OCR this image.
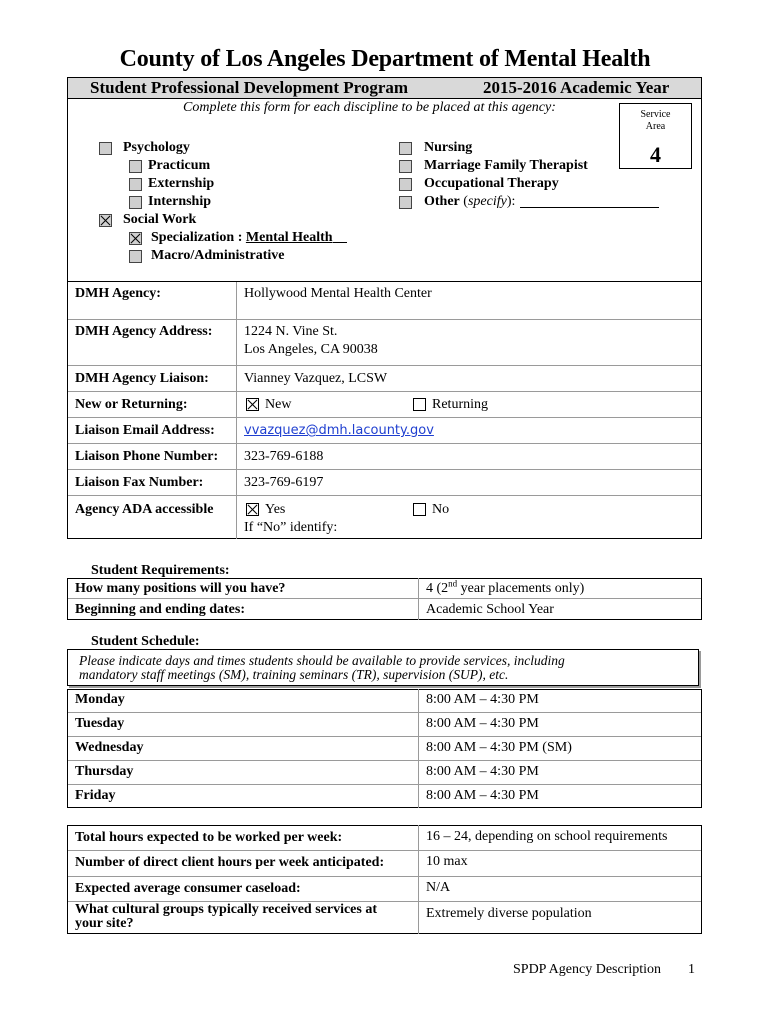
County of Los Angeles Department of Mental Health
Student Professional Development Program	2015-2016 Academic Year
Complete this form for each discipline to be placed at this agency:	Service
Area
4
Psychology
Practicum
Externship
Internship
Social Work
Specialization : Mental Health
Macro/Administrative
Nursing
Marriage Family Therapist
Occupational Therapy
Other (specify):
DMH Agency:	Hollywood Mental Health Center
DMH Agency Address: 1224 N. Vine St.
Los Angeles, CA 90038
DMH Agency Liaison:	Vianney Vazquez, LCSW
New or Returning:	New	Returning
Liaison Email Address: vvazquez@dmh.lacounty.gov
Liaison Phone Number: 323-769-6188
Liaison Fax Number:	323-769-6197
Agency ADA accessible	Yes	No
If “No” identify:
Student Requirements:
How many positions will you have?	4 (2nd year placements only)
Beginning and ending dates:	Academic School Year
Student Schedule:
Please indicate days and times students should be available to provide services, including
mandatory staff meetings (SM), training seminars (TR), supervision (SUP), etc.
Monday	8:00 AM – 4:30 PM
Tuesday	8:00 AM – 4:30 PM
Wednesday	8:00 AM – 4:30 PM (SM)
Thursday	8:00 AM – 4:30 PM
Friday	8:00 AM – 4:30 PM
Total hours expected to be worked per week:	16 – 24, depending on school requirements
Number of direct client hours per week anticipated:	10 max
Expected average consumer caseload:	N/A
What cultural groups typically received services at
your site?
Extremely diverse population
SPDP Agency Description 1
